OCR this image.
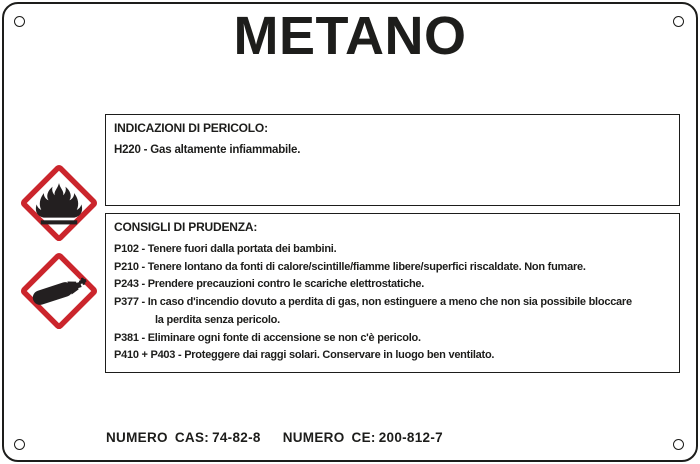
METANO
INDICAZIONI DI PERICOLO:
H220 - Gas altamente infiammabile.
CONSIGLI DI PRUDENZA:
P102 - Tenere fuori dalla portata dei bambini.
P210 - Tenere lontano da fonti di calore/scintille/fiamme libere/superfici riscaldate. Non fumare.
P243 - Prendere precauzioni contro le scariche elettrostatiche.
P377 - In caso d'incendio dovuto a perdita di gas, non estinguere a meno che non sia possibile bloccare
la perdita senza pericolo.
P381 - Eliminare ogni fonte di accensione se non c'è pericolo.
P410 + P403 - Proteggere dai raggi solari. Conservare in luogo ben ventilato.
NUMERO CAS: 74-82-8 NUMERO CE: 200-812-7
